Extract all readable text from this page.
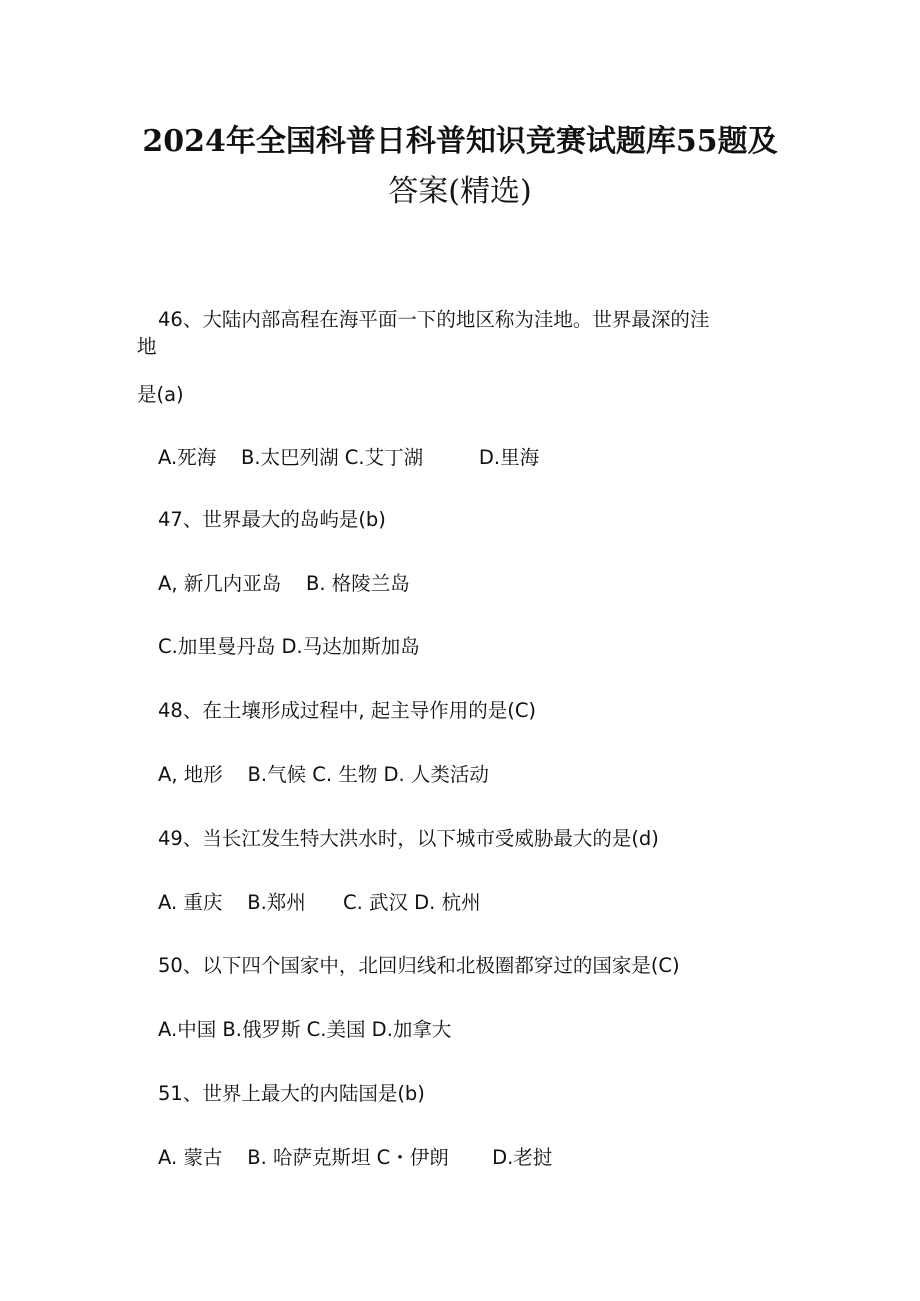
2024年全国科普日科普知识竞赛试题库55题及
答案(精选)
46、大陆内部高程在海平面一下的地区称为洼地。世界最深的洼
地
是(a)
A.死海    B.太巴列湖 C.艾丁湖         D.里海
47、世界最大的岛屿是(b)
A, 新几内亚岛    B. 格陵兰岛
C.加里曼丹岛 D.马达加斯加岛
48、在土壤形成过程中, 起主导作用的是(C)
A, 地形    B.气候 C. 生物 D. 人类活动
49、当长江发生特大洪水时，以下城市受威胁最大的是(d)
A. 重庆    B.郑州      C. 武汉 D. 杭州
50、以下四个国家中，北回归线和北极圈都穿过的国家是(C)
A.中国 B.俄罗斯 C.美国 D.加拿大
51、世界上最大的内陆国是(b)
A. 蒙古    B. 哈萨克斯坦 C・伊朗       D.老挝
